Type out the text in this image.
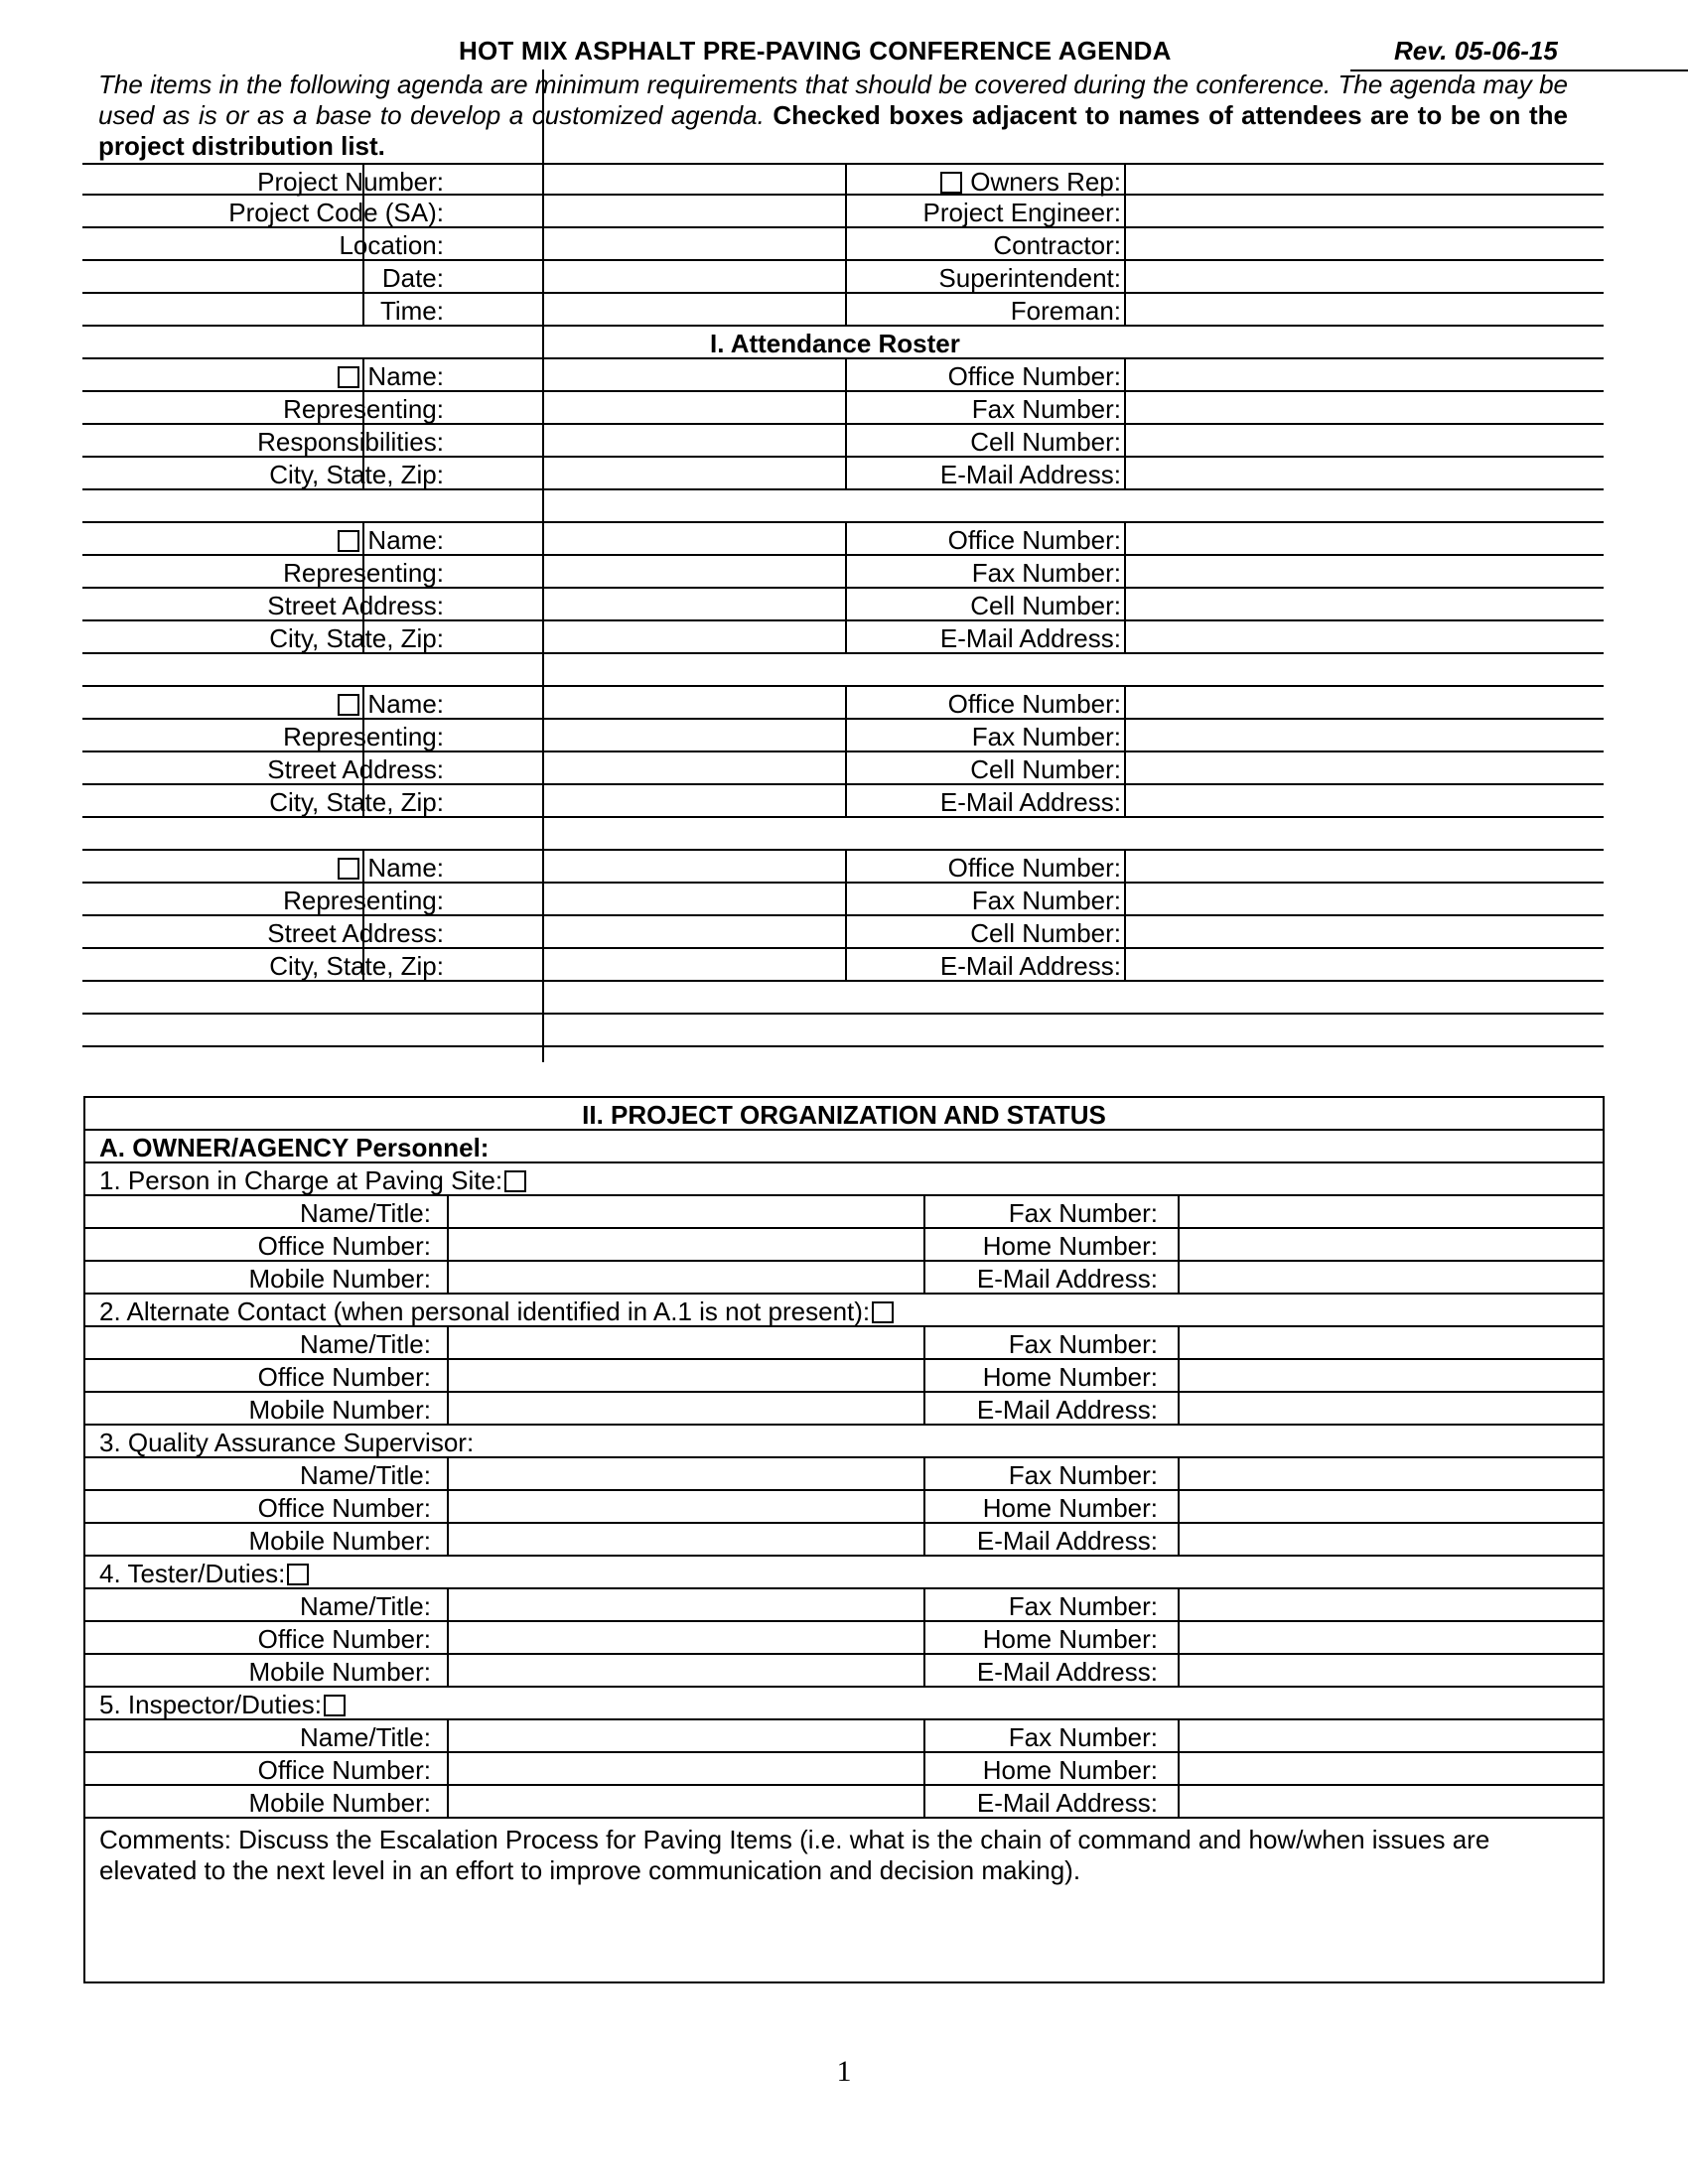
HOT MIX ASPHALT PRE-PAVING CONFERENCE AGENDA	Rev. 05-06-15
The items in the following agenda are minimum requirements that should be covered during the conference. The agenda may be used as is or as a base to develop a customized agenda. Checked boxes adjacent to names of attendees are to be on the project distribution list.
Project Number:	Owners Rep:
Project Code (SA):	Project Engineer:
Location:	Contractor:
Date:	Superintendent:
Time:	Foreman:
I. Attendance Roster
Name:	Office Number:
Representing:	Fax Number:
Responsibilities:	Cell Number:
City, State, Zip:	E-Mail Address:
Name:	Office Number:
Representing:	Fax Number:
Street Address:	Cell Number:
City, State, Zip:	E-Mail Address:
Name:	Office Number:
Representing:	Fax Number:
Street Address:	Cell Number:
City, State, Zip:	E-Mail Address:
Name:	Office Number:
Representing:	Fax Number:
Street Address:	Cell Number:
City, State, Zip:	E-Mail Address:
II. PROJECT ORGANIZATION AND STATUS
A. OWNER/AGENCY Personnel:
1. Person in Charge at Paving Site:
Name/Title:	Fax Number:
Office Number:	Home Number:
Mobile Number:	E-Mail Address:
2. Alternate Contact (when personal identified in A.1 is not present):
Name/Title:	Fax Number:
Office Number:	Home Number:
Mobile Number:	E-Mail Address:
3. Quality Assurance Supervisor:
Name/Title:	Fax Number:
Office Number:	Home Number:
Mobile Number:	E-Mail Address:
4. Tester/Duties:
Name/Title:	Fax Number:
Office Number:	Home Number:
Mobile Number:	E-Mail Address:
5. Inspector/Duties:
Name/Title:	Fax Number:
Office Number:	Home Number:
Mobile Number:	E-Mail Address:
Comments: Discuss the Escalation Process for Paving Items (i.e. what is the chain of command and how/when issues are elevated to the next level in an effort to improve communication and decision making).
1
